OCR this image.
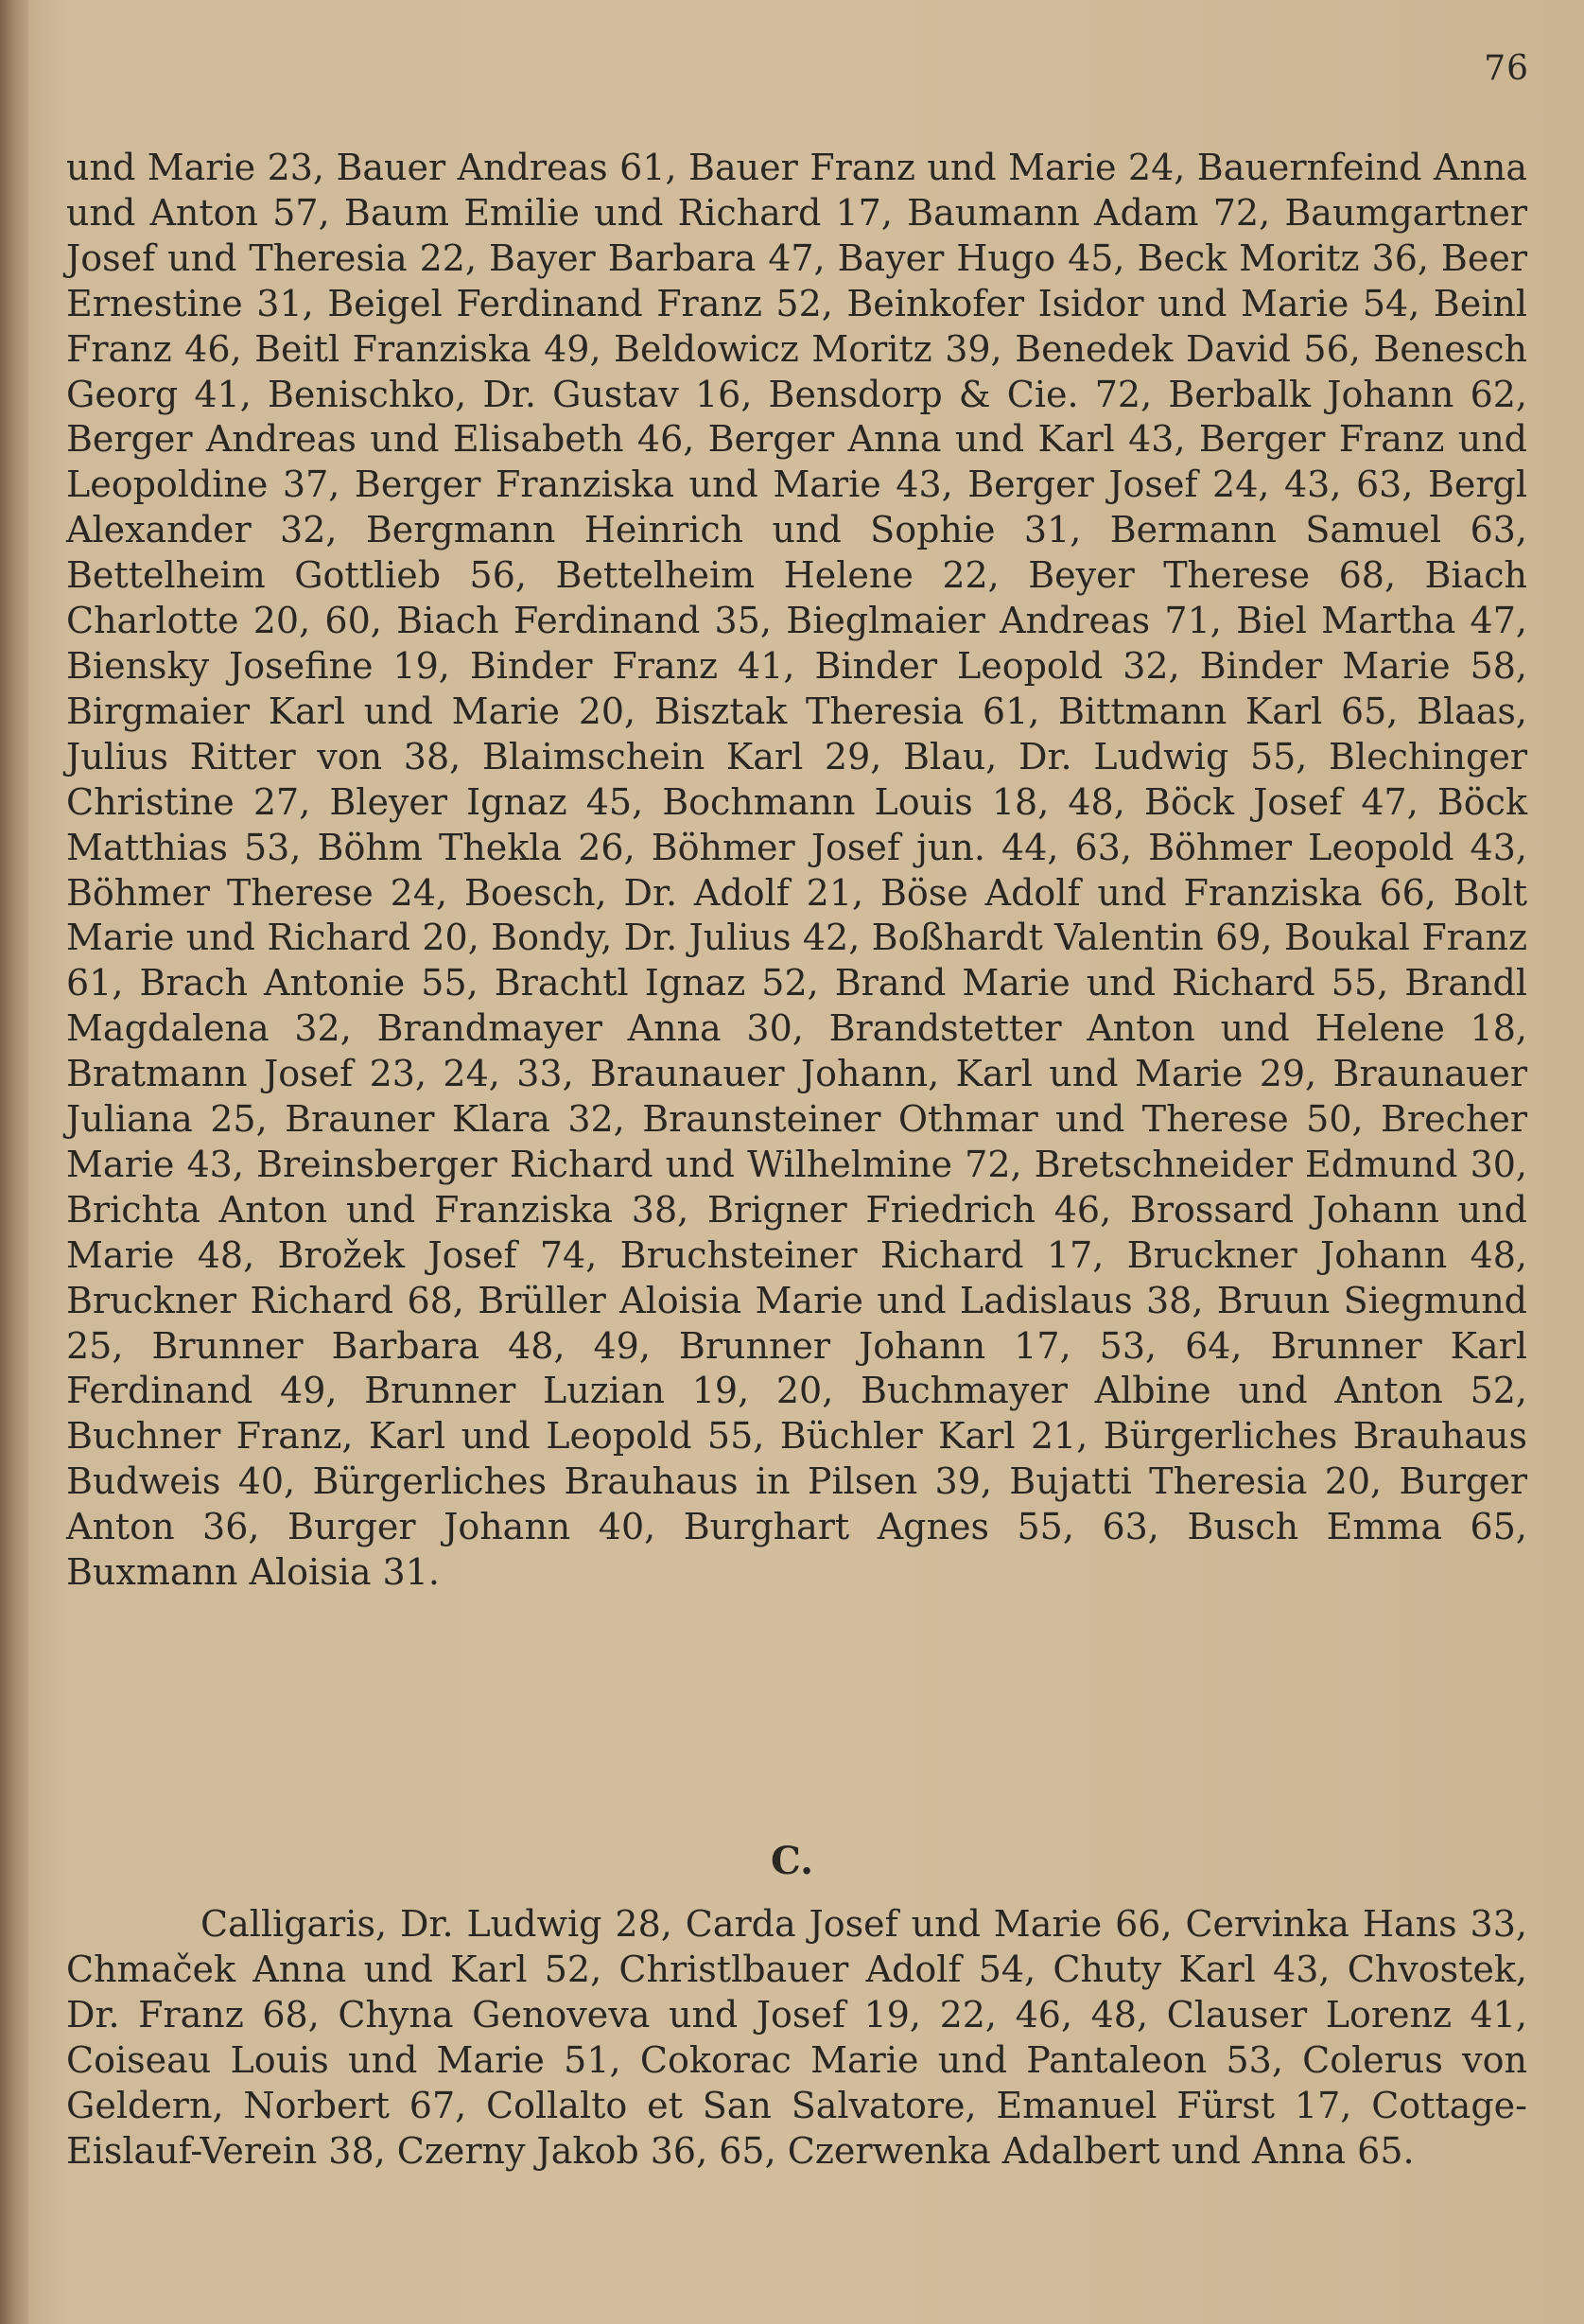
76

und Marie 23, Bauer Andreas 61, Bauer Franz und Marie 24, Bauernfeind Anna und Anton 57, Baum Emilie und Richard 17, Baumann Adam 72, Baumgartner Josef und Theresia 22, Bayer Barbara 47, Bayer Hugo 45, Beck Moritz 36, Beer Ernestine 31, Beigel Ferdinand Franz 52, Beinkofer Isidor und Marie 54, Beinl Franz 46, Beitl Franziska 49, Beldowicz Moritz 39, Benedek David 56, Benesch Georg 41, Benischko, Dr. Gustav 16, Bensdorp & Cie. 72, Berbalk Johann 62, Berger Andreas und Elisabeth 46, Berger Anna und Karl 43, Berger Franz und Leopoldine 37, Berger Franziska und Marie 43, Berger Josef 24, 43, 63, Bergl Alexander 32, Bergmann Heinrich und Sophie 31, Bermann Samuel 63, Bettelheim Gottlieb 56, Bettelheim Helene 22, Beyer Therese 68, Biach Charlotte 20, 60, Biach Ferdinand 35, Bieglmaier Andreas 71, Biel Martha 47, Biensky Josefine 19, Binder Franz 41, Binder Leopold 32, Binder Marie 58, Birgmaier Karl und Marie 20, Bisztak Theresia 61, Bittmann Karl 65, Blaas, Julius Ritter von 38, Blaimschein Karl 29, Blau, Dr. Ludwig 55, Blechinger Christine 27, Bleyer Ignaz 45, Bochmann Louis 18, 48, Böck Josef 47, Böck Matthias 53, Böhm Thekla 26, Böhmer Josef jun. 44, 63, Böhmer Leopold 43, Böhmer Therese 24, Boesch, Dr. Adolf 21, Böse Adolf und Franziska 66, Bolt Marie und Richard 20, Bondy, Dr. Julius 42, Boßhardt Valentin 69, Boukal Franz 61, Brach Antonie 55, Brachtl Ignaz 52, Brand Marie und Richard 55, Brandl Magdalena 32, Brandmayer Anna 30, Brandstetter Anton und Helene 18, Bratmann Josef 23, 24, 33, Braunauer Johann, Karl und Marie 29, Braunauer Juliana 25, Brauner Klara 32, Braunsteiner Othmar und Therese 50, Brecher Marie 43, Breinsberger Richard und Wilhelmine 72, Bretschneider Edmund 30, Brichta Anton und Franziska 38, Brigner Friedrich 46, Brossard Johann und Marie 48, Brožek Josef 74, Bruchsteiner Richard 17, Bruckner Johann 48, Bruckner Richard 68, Brüller Aloisia Marie und Ladislaus 38, Bruun Siegmund 25, Brunner Barbara 48, 49, Brunner Johann 17, 53, 64, Brunner Karl Ferdinand 49, Brunner Luzian 19, 20, Buchmayer Albine und Anton 52, Buchner Franz, Karl und Leopold 55, Büchler Karl 21, Bürgerliches Brauhaus Budweis 40, Bürgerliches Brauhaus in Pilsen 39, Bujatti Theresia 20, Burger Anton 36, Burger Johann 40, Burghart Agnes 55, 63, Busch Emma 65, Buxmann Aloisia 31.

C.

Calligaris, Dr. Ludwig 28, Carda Josef und Marie 66, Cervinka Hans 33, Chmaček Anna und Karl 52, Christlbauer Adolf 54, Chuty Karl 43, Chvostek, Dr. Franz 68, Chyna Genoveva und Josef 19, 22, 46, 48, Clauser Lorenz 41, Coiseau Louis und Marie 51, Cokorac Marie und Pantaleon 53, Colerus von Geldern, Norbert 67, Collalto et San Salvatore, Emanuel Fürst 17, Cottage-Eislauf-Verein 38, Czerny Jakob 36, 65, Czerwenka Adalbert und Anna 65.
